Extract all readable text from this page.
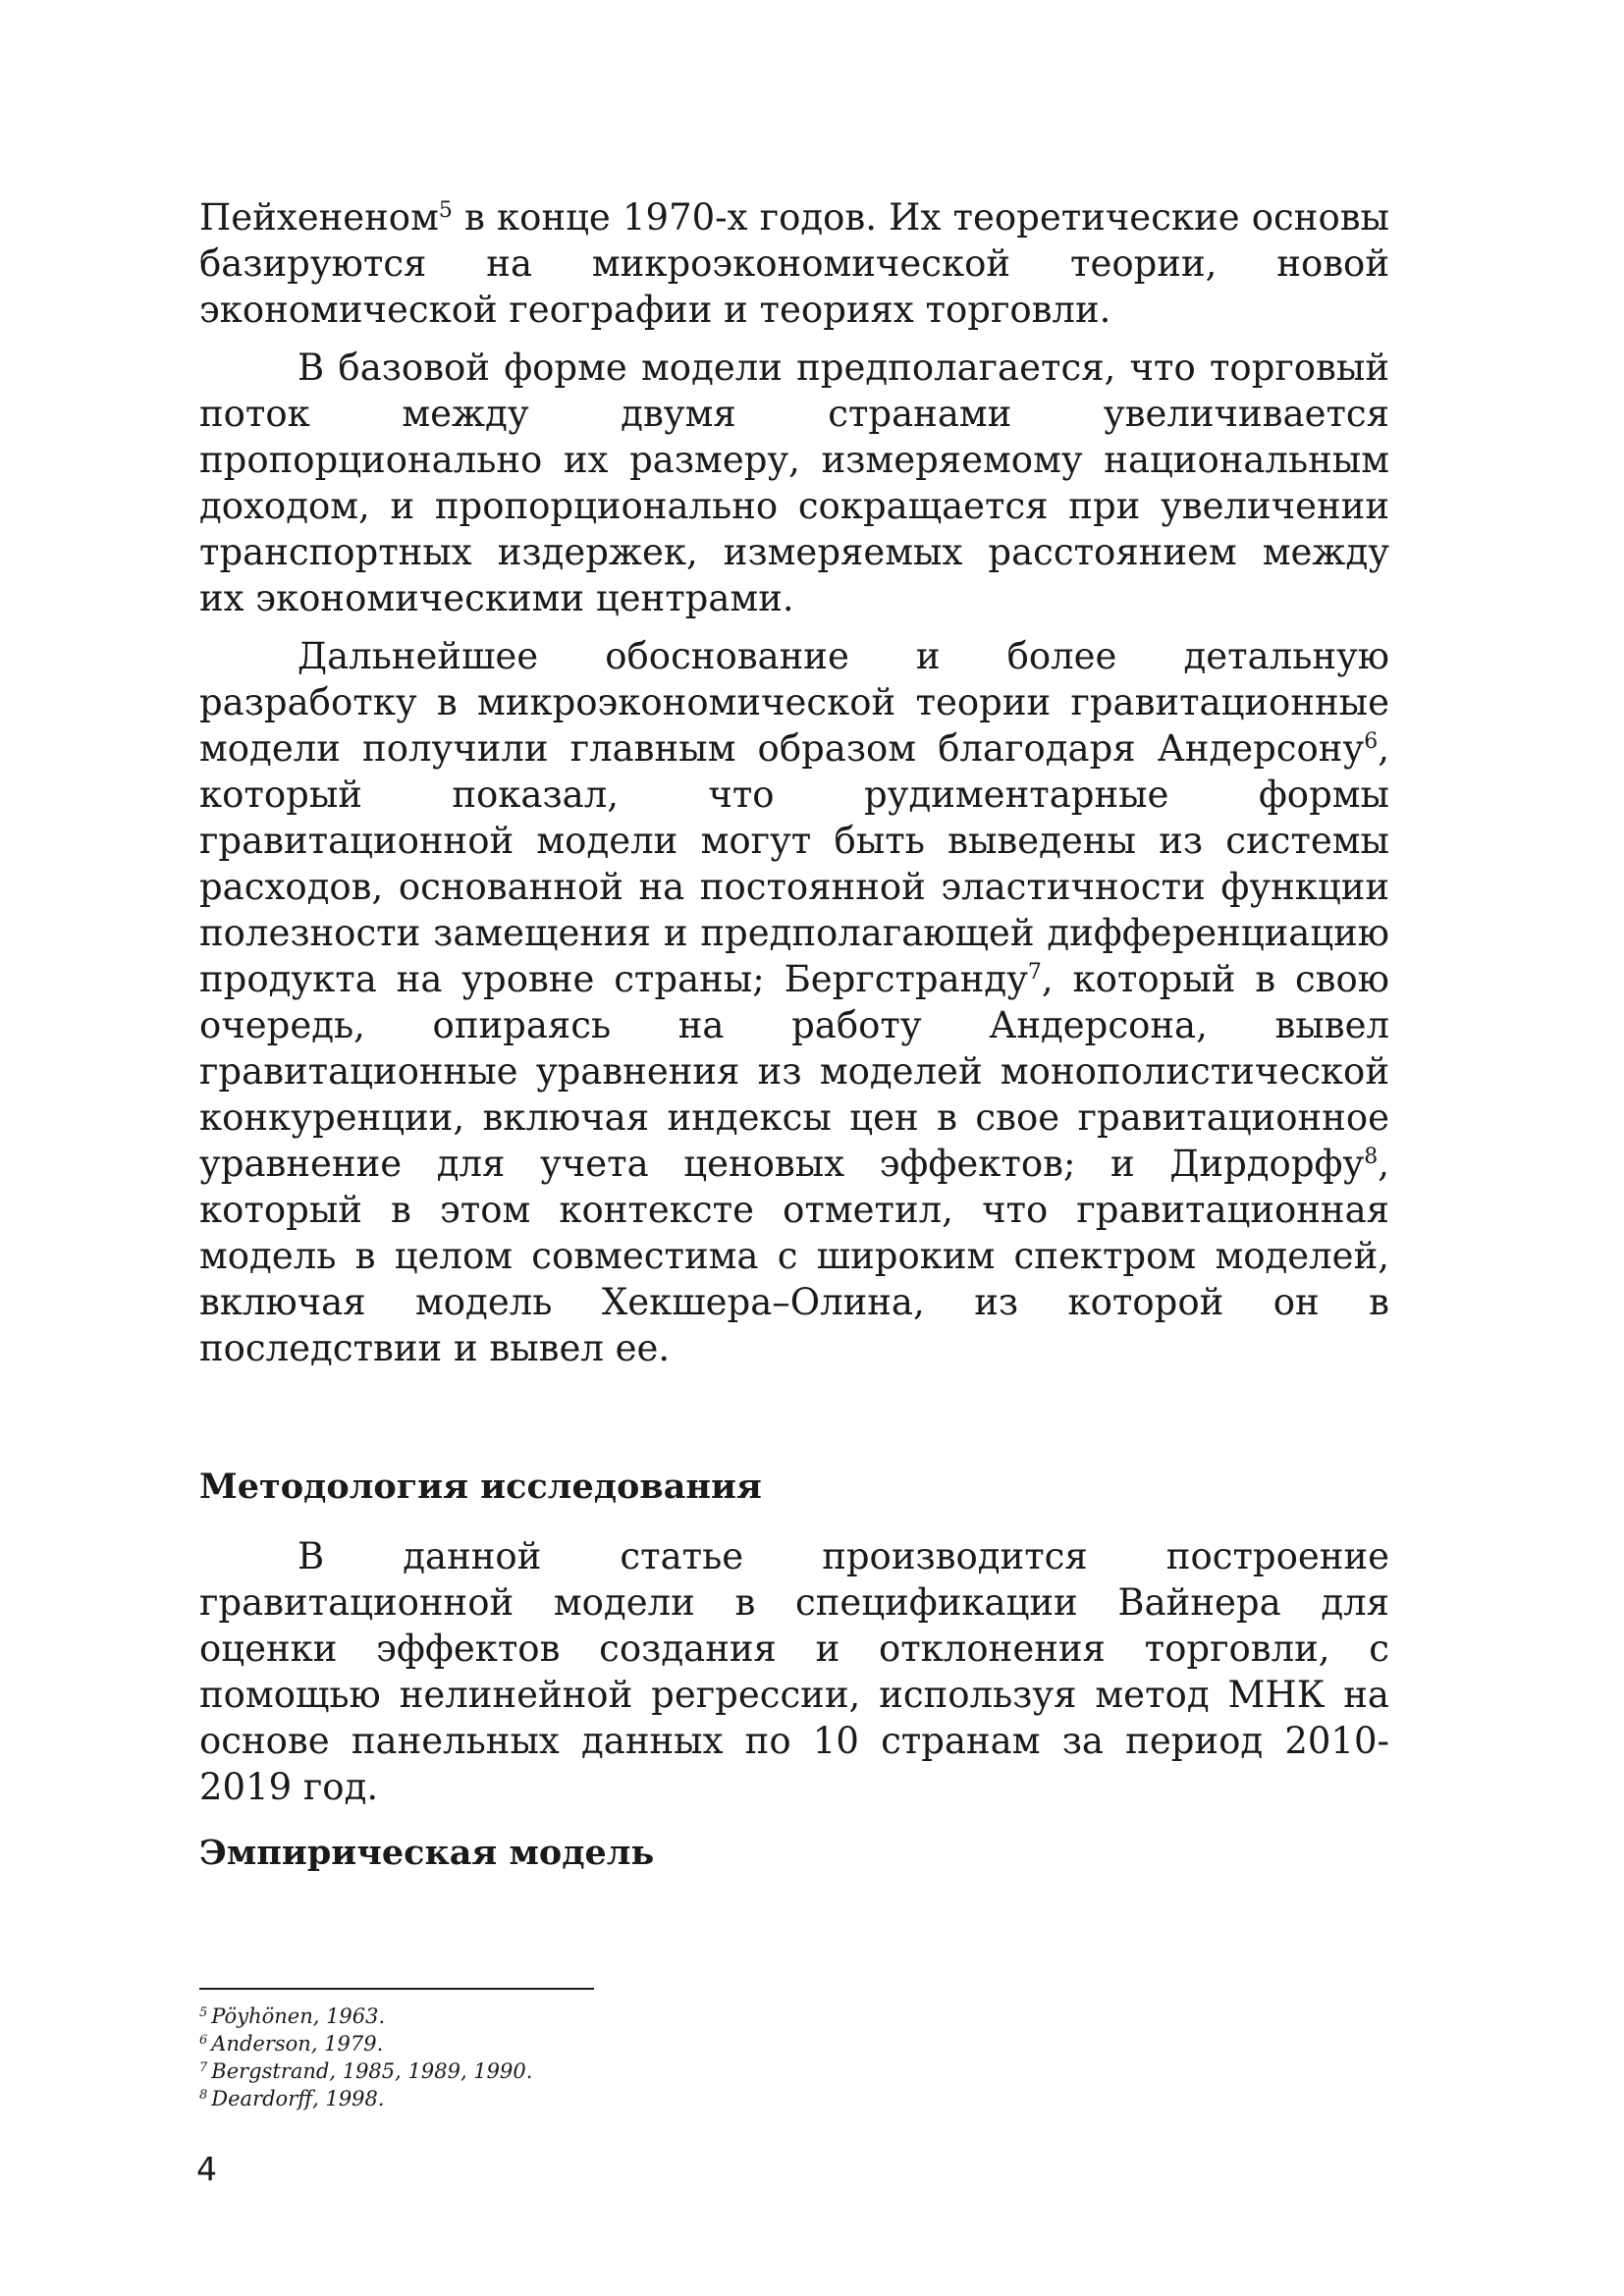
Пейхененом$^5$ в конце 1970-х годов. Их теоретические основы базируются на микроэкономической теории, новой экономической географии и теориях торговли.

В базовой форме модели предполагается, что торговый поток между двумя странами увеличивается пропорционально их размеру, измеряемому национальным доходом, и пропорционально сокращается при увеличении транспортных издержек, измеряемых расстоянием между их экономическими центрами.

Дальнейшее обоснование и более детальную разработку в микроэкономической теории гравитационные модели получили главным образом благодаря Андерсону$^6$, который показал, что рудиментарные формы гравитационной модели могут быть выведены из системы расходов, основанной на постоянной эластичности функции полезности замещения и предполагающей дифференциацию продукта на уровне страны; Бергстранду$^7$, который в свою очередь, опираясь на работу Андерсона, вывел гравитационные уравнения из моделей монополистической конкуренции, включая индексы цен в свое гравитационное уравнение для учета ценовых эффектов; и Дирдорфу$^8$, который в этом контексте отметил, что гравитационная модель в целом совместима с широким спектром моделей, включая модель Хекшера–Олина, из которой он в последствии и вывел ее.

Методология исследования

В данной статье производится построение гравитационной модели в спецификации Вайнера для оценки эффектов создания и отклонения торговли, с помощью нелинейной регрессии, используя метод МНК на основе панельных данных по 10 странам за период 2010-2019 год.

Эмпирическая модель
$^5$ Pöyhönen, 1963.
$^6$ Anderson, 1979.
$^7$ Bergstrand, 1985, 1989, 1990.
$^8$ Deardorff, 1998.
4
